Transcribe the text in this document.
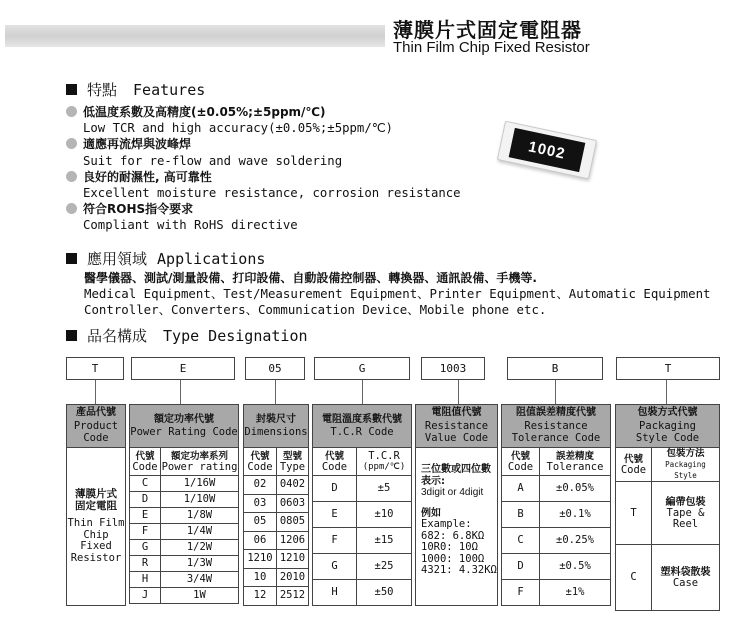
薄膜片式固定電阻器
Thin Film Chip Fixed Resistor
特點 Features
低温度系數及高精度(±0.05%;±5ppm/℃)
Low TCR and high accuracy(±0.05%;±5ppm/℃)
適應再流焊與波峰焊
Suit for re-flow and wave soldering
良好的耐濕性, 高可靠性
Excellent moisture resistance, corrosion resistance
符合ROHS指令要求
Compliant with RoHS directive
1002
應用領域 Applications
醫學儀器、測試/測量設備、打印設備、自動設備控制器、轉換器、通訊設備、手機等.
Medical Equipment、Test/Measurement Equipment、Printer Equipment、Automatic Equipment
Controller、Converters、Communication Device、Mobile phone etc.
品名構成 Type Designation
T	E	05	G	1003	B	T
產品代號
Product
Code
額定功率代號
Power Rating Code
封裝尺寸
Dimensions
電阻溫度系數代號
T.C.R Code
電阻值代號
Resistance
Value Code
阻值誤差精度代號
Resistance
Tolerance Code
包裝方式代號
Packaging
Style Code
薄膜片式
固定電阻
Thin Film
Chip Fixed
Resistor
代號
Code

額定功率系列
Power rating

C	1/16W
D	1/10W
E	1/8W
F	1/4W
G	1/2W
R	1/3W
H	3/4W
J	1W
代號
Code

型號
Type

02	0402
03	0603
05	0805
06	1206
1210	1210
10	2010
12	2512
代號
Code

T.C.R
(ppm/℃)

D	±5
E	±10
F	±15
G	±25
H	±50
三位數或四位數
表示:
3digit or 4digit
例如
Example:
682: 6.8KΩ
10R0: 10Ω
1000: 100Ω
4321: 4.32KΩ
代號
Code

誤差精度
Tolerance

A	±0.05%
B	±0.1%
C	±0.25%
D	±0.5%
F	±1%
代號
Code

包裝方法
Packaging Style

T	編帶包裝
Tape & Reel

C	塑料袋散裝
Case
